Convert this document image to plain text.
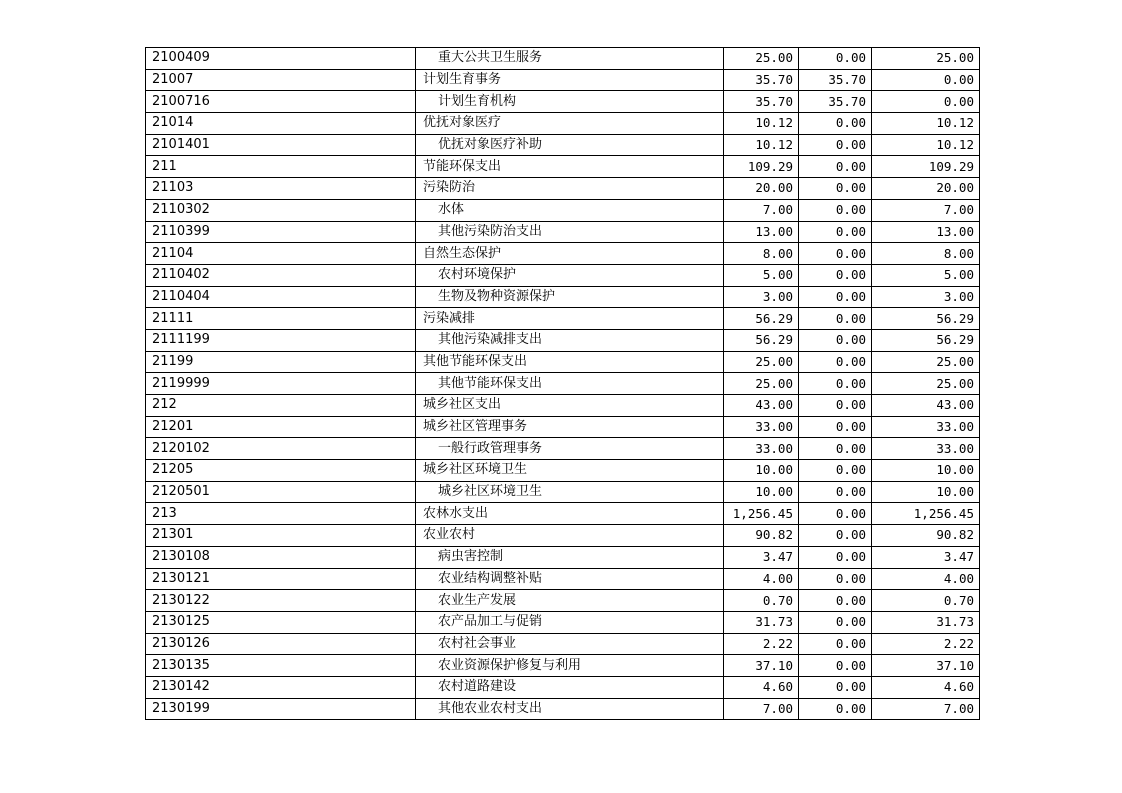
2100409	重大公共卫生服务	25.00	0.00	25.00
21007	计划生育事务	35.70	35.70	0.00
2100716	计划生育机构	35.70	35.70	0.00
21014	优抚对象医疗	10.12	0.00	10.12
2101401	优抚对象医疗补助	10.12	0.00	10.12
211	节能环保支出	109.29	0.00	109.29
21103	污染防治	20.00	0.00	20.00
2110302	水体	7.00	0.00	7.00
2110399	其他污染防治支出	13.00	0.00	13.00
21104	自然生态保护	8.00	0.00	8.00
2110402	农村环境保护	5.00	0.00	5.00
2110404	生物及物种资源保护	3.00	0.00	3.00
21111	污染减排	56.29	0.00	56.29
2111199	其他污染减排支出	56.29	0.00	56.29
21199	其他节能环保支出	25.00	0.00	25.00
2119999	其他节能环保支出	25.00	0.00	25.00
212	城乡社区支出	43.00	0.00	43.00
21201	城乡社区管理事务	33.00	0.00	33.00
2120102	一般行政管理事务	33.00	0.00	33.00
21205	城乡社区环境卫生	10.00	0.00	10.00
2120501	城乡社区环境卫生	10.00	0.00	10.00
213	农林水支出	1,256.45	0.00	1,256.45
21301	农业农村	90.82	0.00	90.82
2130108	病虫害控制	3.47	0.00	3.47
2130121	农业结构调整补贴	4.00	0.00	4.00
2130122	农业生产发展	0.70	0.00	0.70
2130125	农产品加工与促销	31.73	0.00	31.73
2130126	农村社会事业	2.22	0.00	2.22
2130135	农业资源保护修复与利用	37.10	0.00	37.10
2130142	农村道路建设	4.60	0.00	4.60
2130199	其他农业农村支出	7.00	0.00	7.00
